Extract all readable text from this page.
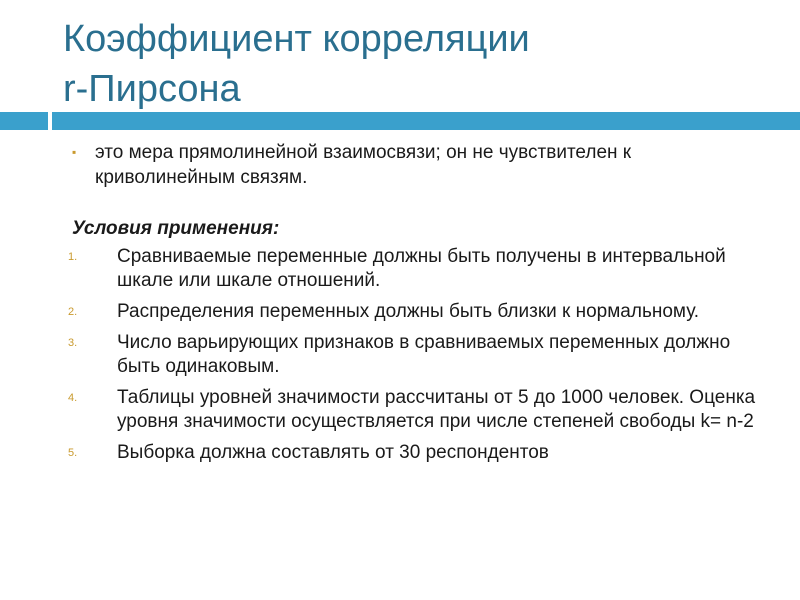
Коэффициент корреляции
r-Пирсона
▪ это мера прямолинейной взаимосвязи; он не чувствителен к криволинейным связям.
Условия применения:
1. Сравниваемые переменные должны быть получены в интервальной шкале или шкале отношений.
2. Распределения переменных должны быть близки к нормальному.
3. Число варьирующих признаков в сравниваемых переменных должно быть одинаковым.
4. Таблицы уровней значимости рассчитаны от 5 до 1000 человек. Оценка уровня значимости осуществляется при числе степеней свободы k= n-2
5. Выборка должна составлять от 30 респондентов
